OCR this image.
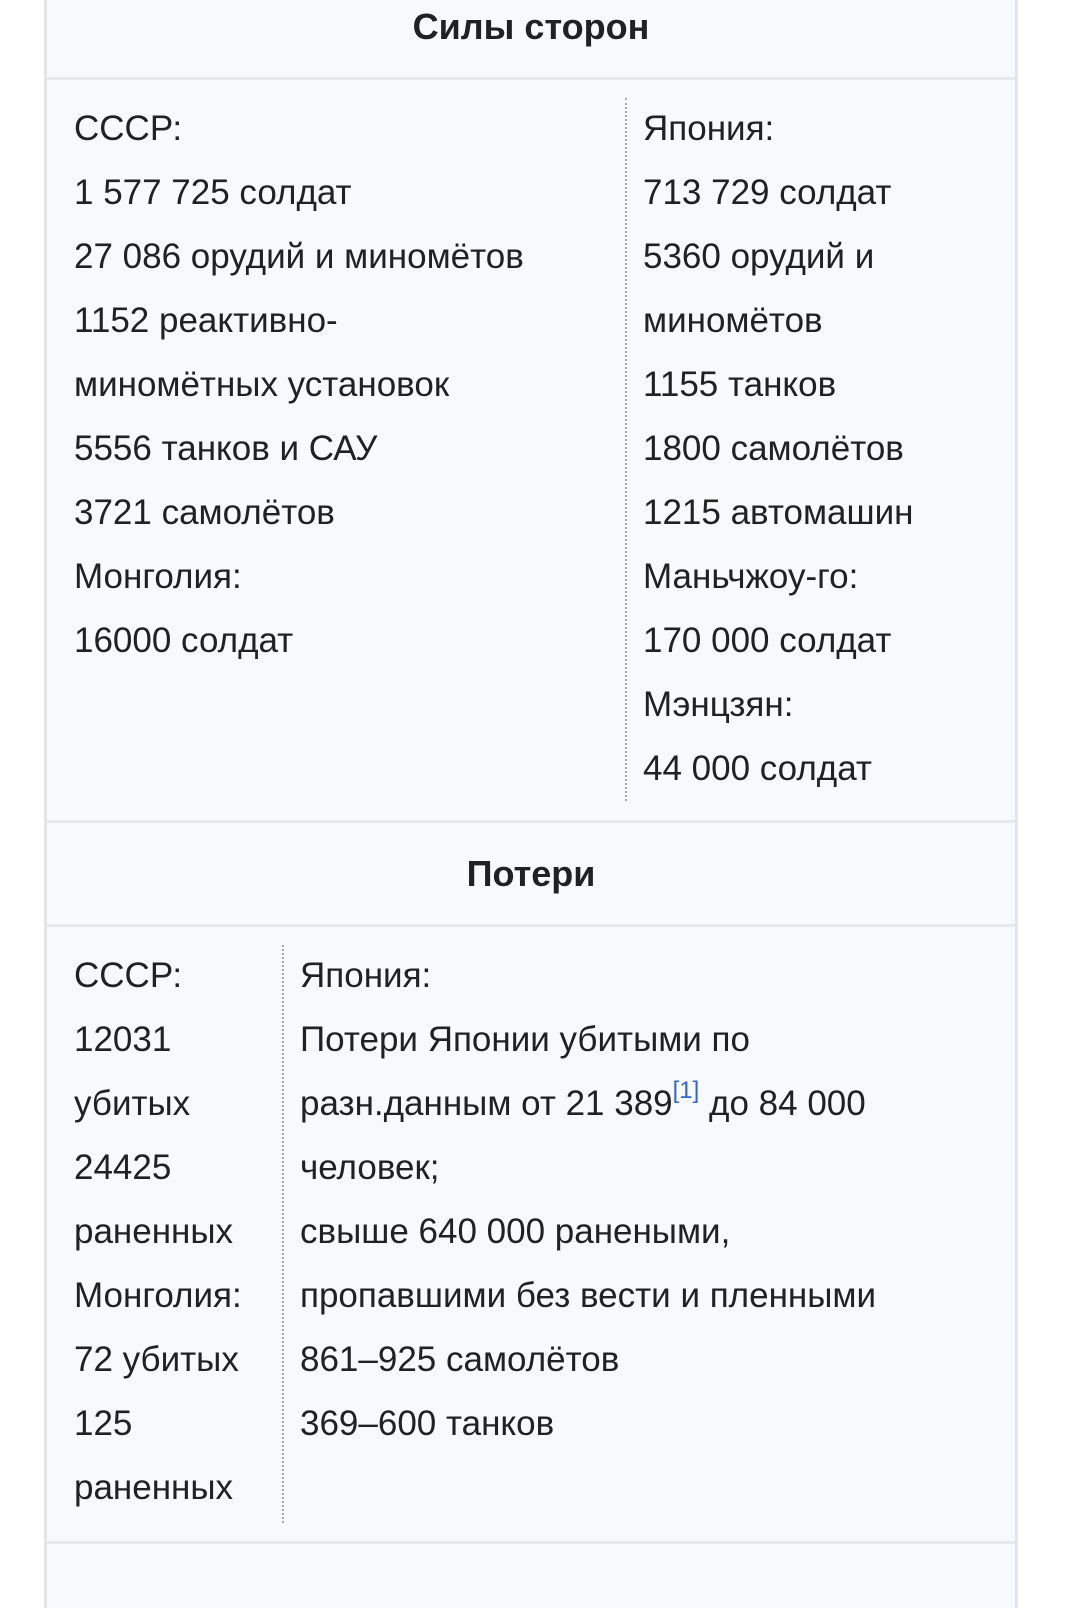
Силы сторон
СССР:
1 577 725 солдат
27 086 орудий и миномётов
1152 реактивно-
миномётных установок
5556 танков и САУ
3721 самолётов
Монголия:
16000 солдат
Япония:
713 729 солдат
5360 орудий и
миномётов
1155 танков
1800 самолётов
1215 автомашин
Маньчжоу-го:
170 000 солдат
Мэнцзян:
44 000 солдат
Потери
СССР:
12031
убитых
24425
раненных
Монголия:
72 убитых
125
раненных
Япония:
Потери Японии убитыми по
разн.данным от 21 389[1] до 84 000
человек;
свыше 640 000 ранеными,
пропавшими без вести и пленными
861–925 самолётов
369–600 танков
